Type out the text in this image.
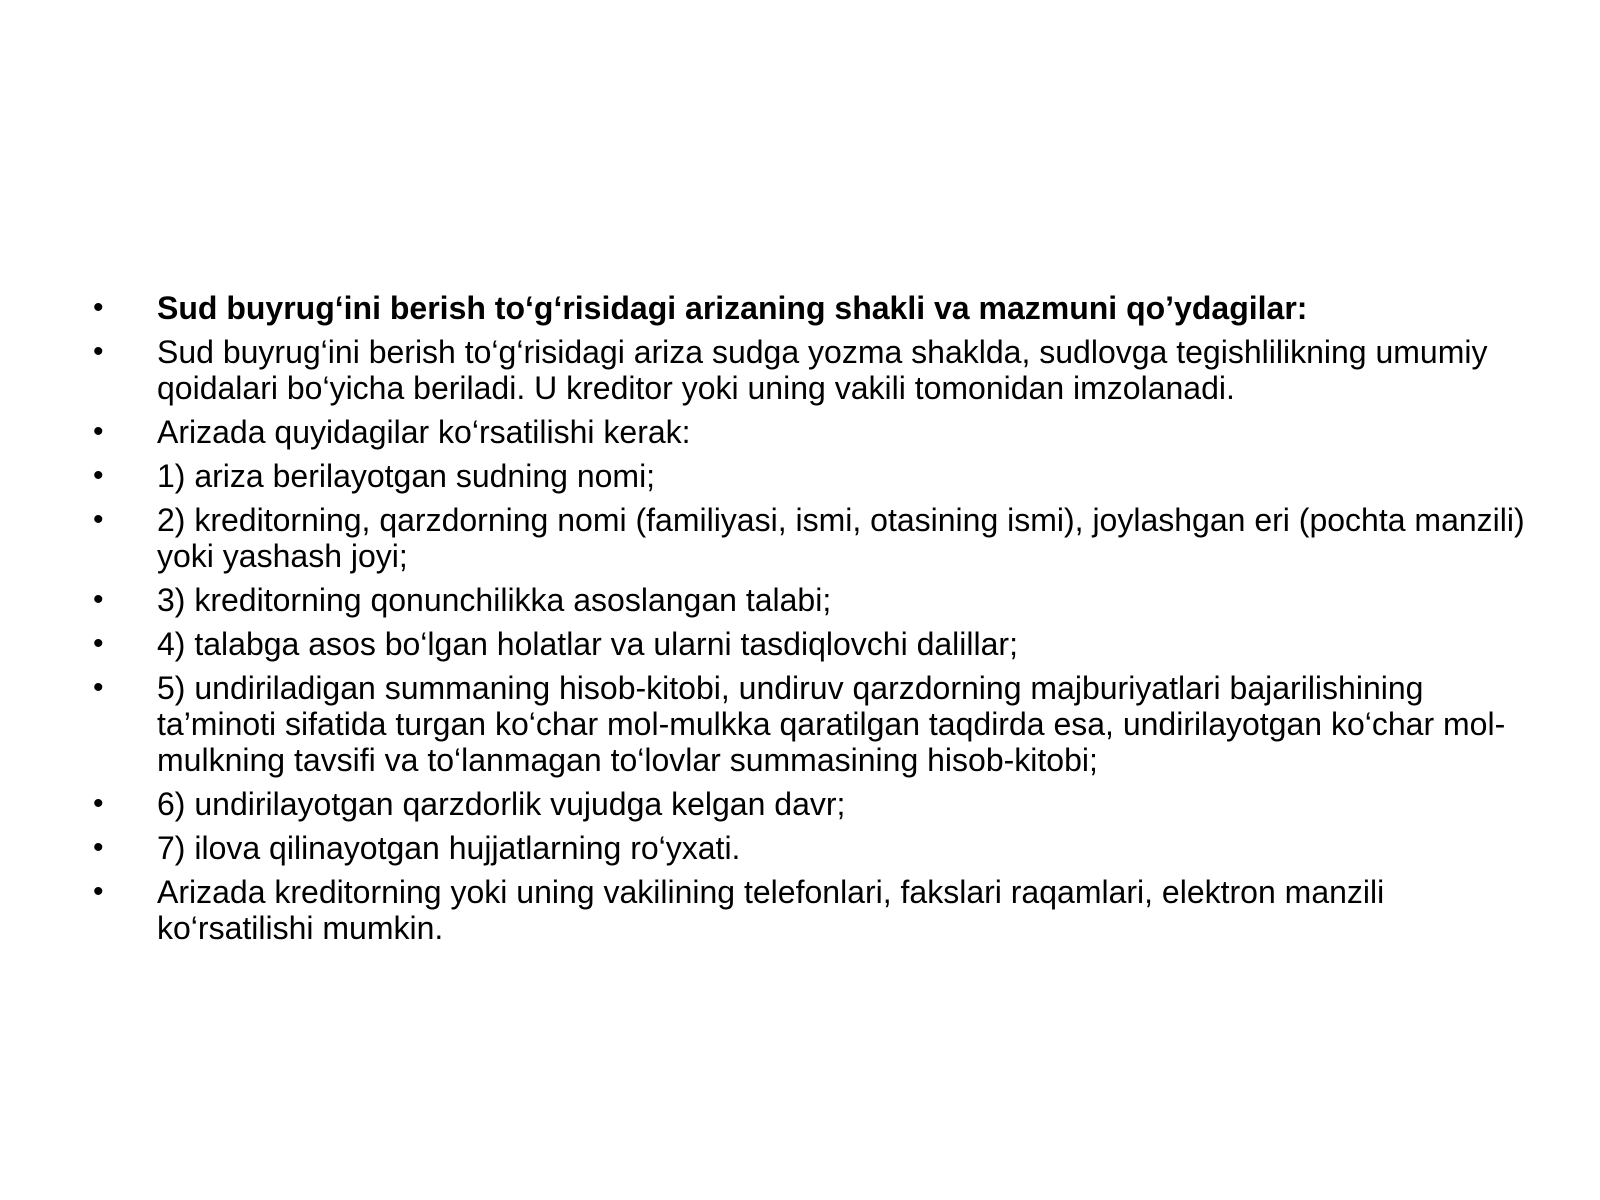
• Sud buyrug‘ini berish to‘g‘risidagi arizaning shakli va mazmuni qo’ydagilar:
• Sud buyrug‘ini berish to‘g‘risidagi ariza sudga yozma shaklda, sudlovga tegishlilikning umumiy qoidalari bo‘yicha beriladi. U kreditor yoki uning vakili tomonidan imzolanadi.
• Arizada quyidagilar ko‘rsatilishi kerak:
• 1) ariza berilayotgan sudning nomi;
• 2) kreditorning, qarzdorning nomi (familiyasi, ismi, otasining ismi), joylashgan eri (pochta manzili) yoki yashash joyi;
• 3) kreditorning qonunchilikka asoslangan talabi;
• 4) talabga asos bo‘lgan holatlar va ularni tasdiqlovchi dalillar;
• 5) undiriladigan summaning hisob-kitobi, undiruv qarzdorning majburiyatlari bajarilishining ta’minoti sifatida turgan ko‘char mol-mulkka qaratilgan taqdirda esa, undirilayotgan ko‘char mol-mulkning tavsifi va to‘lanmagan to‘lovlar summasining hisob-kitobi;
• 6) undirilayotgan qarzdorlik vujudga kelgan davr;
• 7) ilova qilinayotgan hujjatlarning ro‘yxati.
• Arizada kreditorning yoki uning vakilining telefonlari, fakslari raqamlari, elektron manzili ko‘rsatilishi mumkin.
